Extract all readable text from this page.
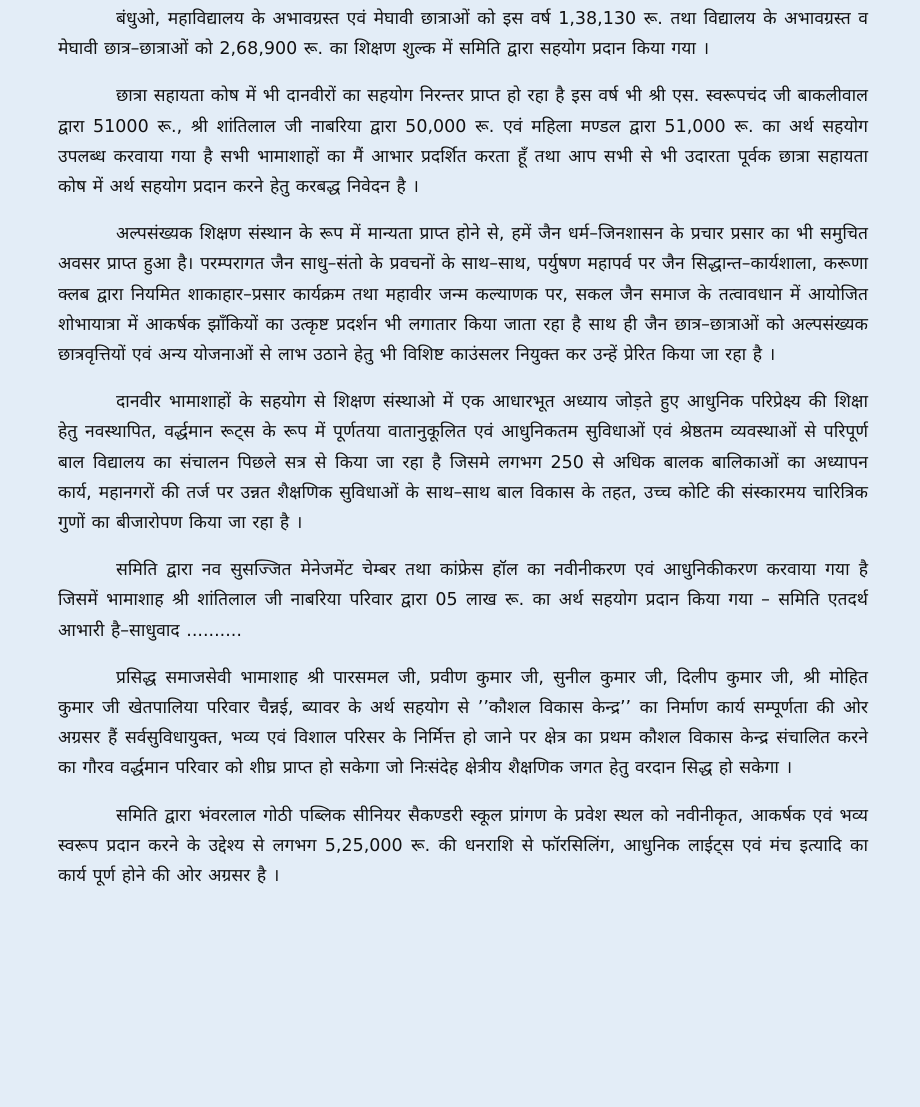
बंधुओ, महाविद्यालय के अभावग्रस्त एवं मेघावी छात्राओं को इस वर्ष 1,38,130 रू. तथा विद्यालय के अभावग्रस्त व मेघावी छात्र–छात्राओं को 2,68,900 रू. का शिक्षण शुल्क में समिति द्वारा सहयोग प्रदान किया गया ।

छात्रा सहायता कोष में भी दानवीरों का सहयोग निरन्तर प्राप्त हो रहा है इस वर्ष भी श्री एस. स्वरूपचंद जी बाकलीवाल द्वारा 51000 रू., श्री शांतिलाल जी नाबरिया द्वारा 50,000 रू. एवं महिला मण्डल द्वारा 51,000 रू. का अर्थ सहयोग उपलब्ध करवाया गया है सभी भामाशाहों का मैं आभार प्रदर्शित करता हूँ तथा आप सभी से भी उदारता पूर्वक छात्रा सहायता कोष में अर्थ सहयोग प्रदान करने हेतु करबद्ध निवेदन है ।

अल्पसंख्यक शिक्षण संस्थान के रूप में मान्यता प्राप्त होने से, हमें जैन धर्म–जिनशासन के प्रचार प्रसार का भी समुचित अवसर प्राप्त हुआ है। परम्परागत जैन साधु–संतो के प्रवचनों के साथ–साथ, पर्युषण महापर्व पर जैन सिद्धान्त–कार्यशाला, करूणा क्लब द्वारा नियमित शाकाहार–प्रसार कार्यक्रम तथा महावीर जन्म कल्याणक पर, सकल जैन समाज के तत्वावधान में आयोजित शोभायात्रा में आकर्षक झाँकियों का उत्कृष्ट प्रदर्शन भी लगातार किया जाता रहा है साथ ही जैन छात्र–छात्राओं को अल्पसंख्यक छात्रवृत्तियों एवं अन्य योजनाओं से लाभ उठाने हेतु भी विशिष्ट काउंसलर नियुक्त कर उन्हें प्रेरित किया जा रहा है ।

दानवीर भामाशाहों के सहयोग से शिक्षण संस्थाओ में एक आधारभूत अध्याय जोड़ते हुए आधुनिक परिप्रेक्ष्य की शिक्षा हेतु नवस्थापित, वर्द्धमान रूट्स के रूप में पूर्णतया वातानुकूलित एवं आधुनिकतम सुविधाओं एवं श्रेष्ठतम व्यवस्थाओं से परिपूर्ण बाल विद्यालय का संचालन पिछले सत्र से किया जा रहा है जिसमे लगभग 250 से अधिक बालक बालिकाओं का अध्यापन कार्य, महानगरों की तर्ज पर उन्नत शैक्षणिक सुविधाओं के साथ–साथ बाल विकास के तहत, उच्च कोटि की संस्कारमय चारित्रिक गुणों का बीजारोपण किया जा रहा है ।

समिति द्वारा नव सुसज्जित मेनेजमेंट चेम्बर तथा कांफ्रेस हॉल का नवीनीकरण एवं आधुनिकीकरण करवाया गया है जिसमें भामाशाह श्री शांतिलाल जी नाबरिया परिवार द्वारा 05 लाख रू. का अर्थ सहयोग प्रदान किया गया – समिति एतदर्थ आभारी है–साधुवाद ..........

प्रसिद्ध समाजसेवी भामाशाह श्री पारसमल जी, प्रवीण कुमार जी, सुनील कुमार जी, दिलीप कुमार जी, श्री मोहित कुमार जी खेतपालिया परिवार चैन्नई, ब्यावर के अर्थ सहयोग से ’’कौशल विकास केन्द्र’’ का निर्माण कार्य सम्पूर्णता की ओर अग्रसर हैं सर्वसुविधायुक्त, भव्य एवं विशाल परिसर के निर्मित्त हो जाने पर क्षेत्र का प्रथम कौशल विकास केन्द्र संचालित करने का गौरव वर्द्धमान परिवार को शीघ्र प्राप्त हो सकेगा जो निःसंदेह क्षेत्रीय शैक्षणिक जगत हेतु वरदान सिद्ध हो सकेगा ।

समिति द्वारा भंवरलाल गोठी पब्लिक सीनियर सैकण्डरी स्कूल प्रांगण के प्रवेश स्थल को नवीनीकृत, आकर्षक एवं भव्य स्वरूप प्रदान करने के उद्देश्य से लगभग 5,25,000 रू. की धनराशि से फॉरसिलिंग, आधुनिक लाईट्स एवं मंच इत्यादि का कार्य पूर्ण होने की ओर अग्रसर है ।
